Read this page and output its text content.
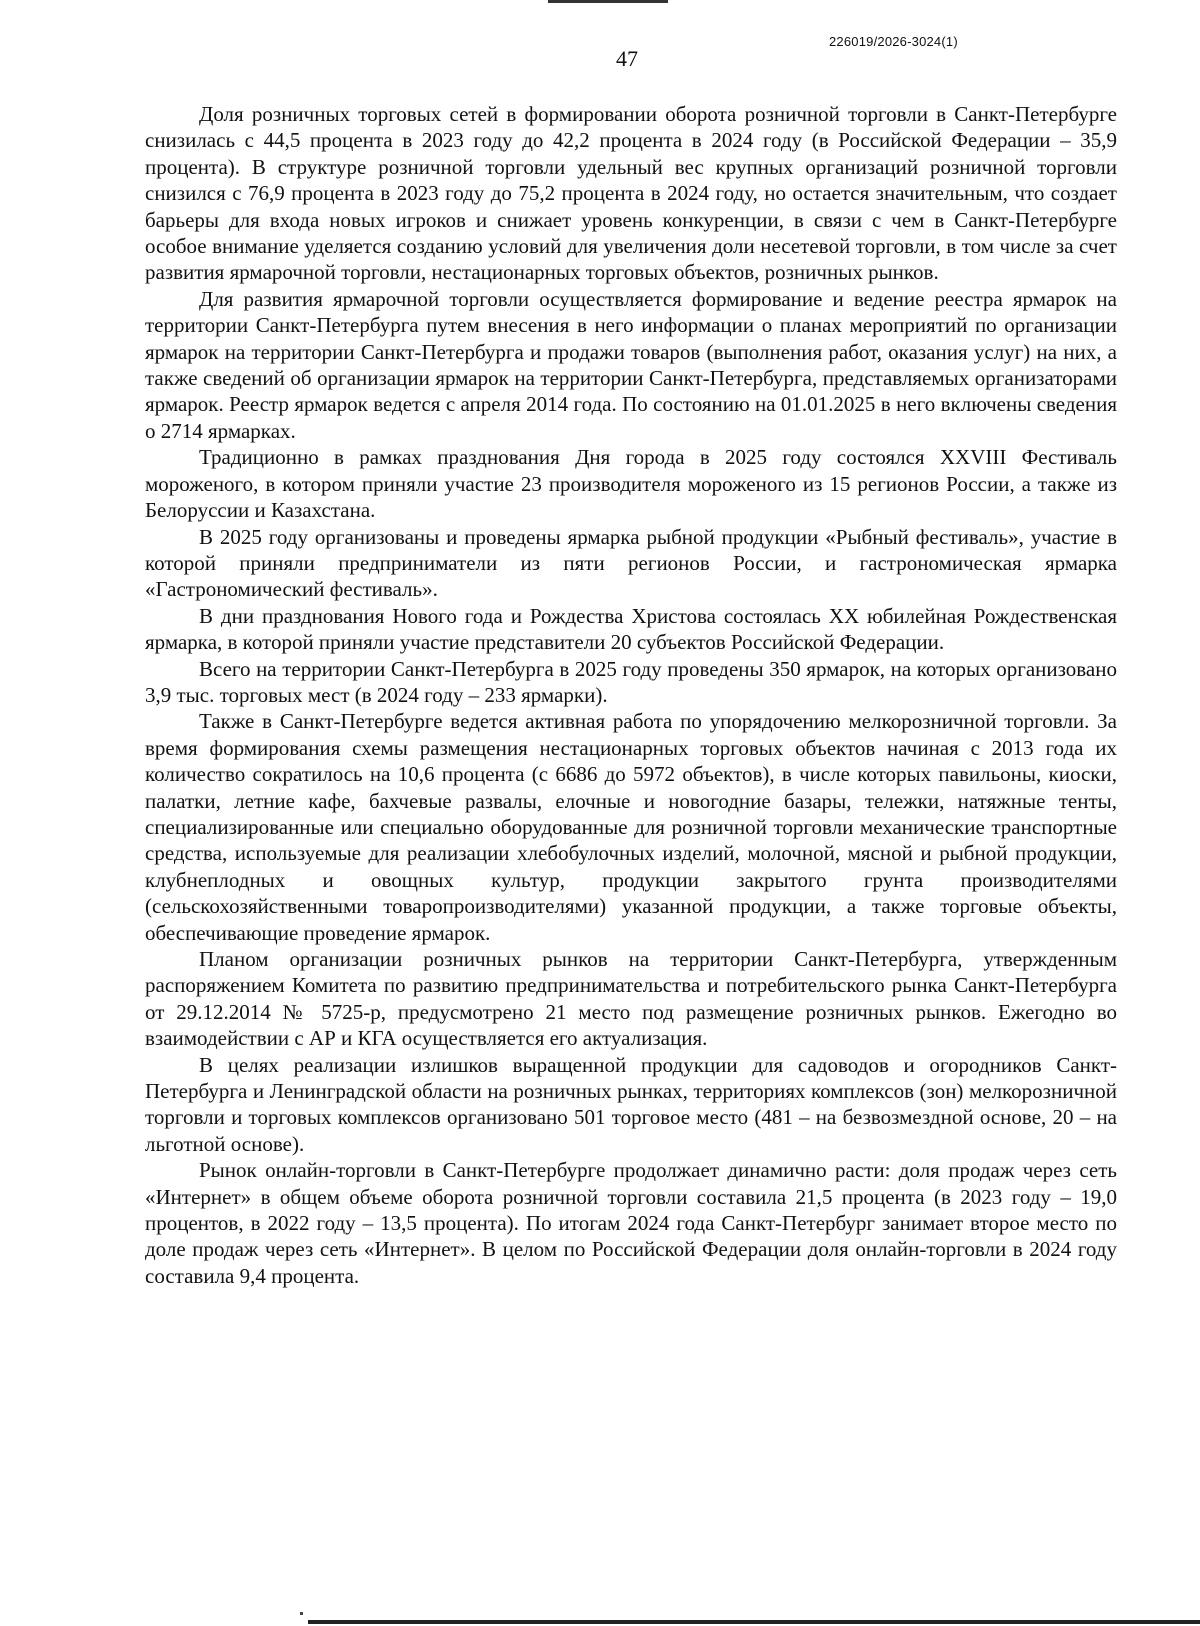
226019/2026-3024(1)
47

Доля розничных торговых сетей в формировании оборота розничной торговли в Санкт-Петербурге снизилась с 44,5 процента в 2023 году до 42,2 процента в 2024 году (в Российской Федерации – 35,9 процента). В структуре розничной торговли удельный вес крупных организаций розничной торговли снизился с 76,9 процента в 2023 году до 75,2 процента в 2024 году, но остается значительным, что создает барьеры для входа новых игроков и снижает уровень конкуренции, в связи с чем в Санкт-Петербурге особое внимание уделяется созданию условий для увеличения доли несетевой торговли, в том числе за счет развития ярмарочной торговли, нестационарных торговых объектов, розничных рынков.

Для развития ярмарочной торговли осуществляется формирование и ведение реестра ярмарок на территории Санкт-Петербурга путем внесения в него информации о планах мероприятий по организации ярмарок на территории Санкт-Петербурга и продажи товаров (выполнения работ, оказания услуг) на них, а также сведений об организации ярмарок на территории Санкт-Петербурга, представляемых организаторами ярмарок. Реестр ярмарок ведется с апреля 2014 года. По состоянию на 01.01.2025 в него включены сведения о 2714 ярмарках.

Традиционно в рамках празднования Дня города в 2025 году состоялся XXVIII Фестиваль мороженого, в котором приняли участие 23 производителя мороженого из 15 регионов России, а также из Белоруссии и Казахстана.

В 2025 году организованы и проведены ярмарка рыбной продукции «Рыбный фестиваль», участие в которой приняли предприниматели из пяти регионов России, и гастрономическая ярмарка «Гастрономический фестиваль».

В дни празднования Нового года и Рождества Христова состоялась XX юбилейная Рождественская ярмарка, в которой приняли участие представители 20 субъектов Российской Федерации.

Всего на территории Санкт-Петербурга в 2025 году проведены 350 ярмарок, на которых организовано 3,9 тыс. торговых мест (в 2024 году – 233 ярмарки).

Также в Санкт-Петербурге ведется активная работа по упорядочению мелкорозничной торговли. За время формирования схемы размещения нестационарных торговых объектов начиная с 2013 года их количество сократилось на 10,6 процента (с 6686 до 5972 объектов), в числе которых павильоны, киоски, палатки, летние кафе, бахчевые развалы, елочные и новогодние базары, тележки, натяжные тенты, специализированные или специально оборудованные для розничной торговли механические транспортные средства, используемые для реализации хлебобулочных изделий, молочной, мясной и рыбной продукции, клубнеплодных и овощных культур, продукции закрытого грунта производителями (сельскохозяйственными товаропроизводителями) указанной продукции, а также торговые объекты, обеспечивающие проведение ярмарок.

Планом организации розничных рынков на территории Санкт-Петербурга, утвержденным распоряжением Комитета по развитию предпринимательства и потребительского рынка Санкт-Петербурга от 29.12.2014 № 5725-р, предусмотрено 21 место под размещение розничных рынков. Ежегодно во взаимодействии с АР и КГА осуществляется его актуализация.

В целях реализации излишков выращенной продукции для садоводов и огородников Санкт-Петербурга и Ленинградской области на розничных рынках, территориях комплексов (зон) мелкорозничной торговли и торговых комплексов организовано 501 торговое место (481 – на безвозмездной основе, 20 – на льготной основе).

Рынок онлайн-торговли в Санкт-Петербурге продолжает динамично расти: доля продаж через сеть «Интернет» в общем объеме оборота розничной торговли составила 21,5 процента (в 2023 году – 19,0 процентов, в 2022 году – 13,5 процента). По итогам 2024 года Санкт-Петербург занимает второе место по доле продаж через сеть «Интернет». В целом по Российской Федерации доля онлайн-торговли в 2024 году составила 9,4 процента.
